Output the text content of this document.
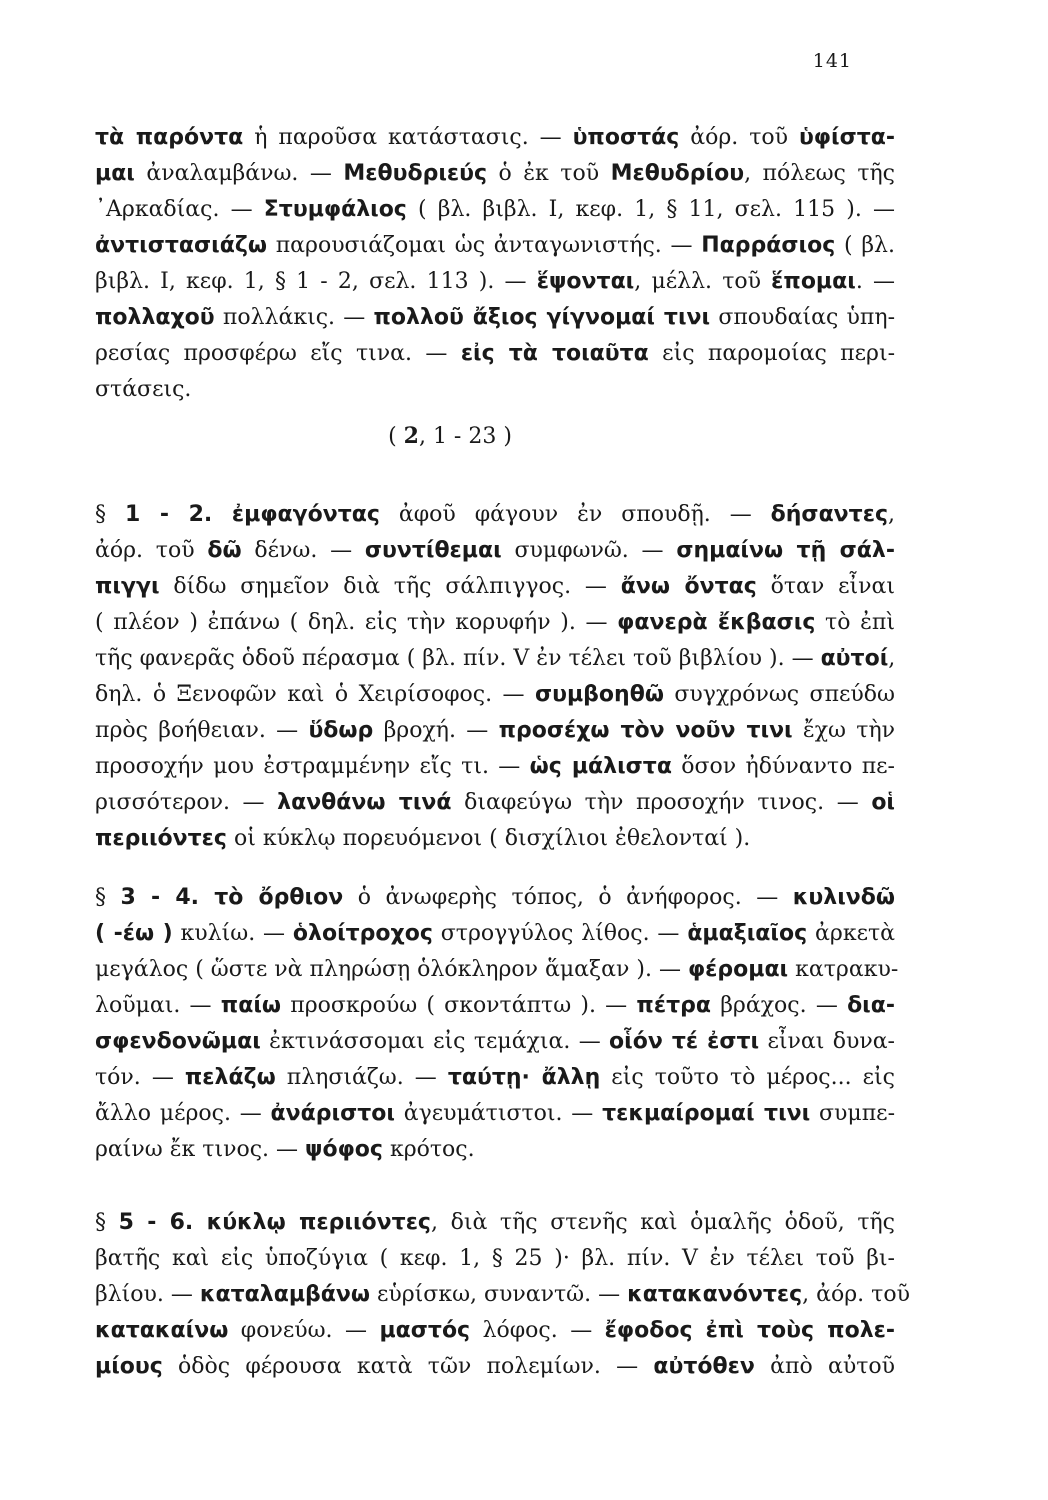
141
τὰ παρόντα ἡ παροῦσα κατάστασις. — ὑποστάς ἀόρ. τοῦ ὑφίστα-
μαι ἀναλαμβάνω. — Μεθυδριεύς ὁ ἐκ τοῦ Μεθυδρίου, πόλεως τῆς
᾿Αρκαδίας. — Στυμφάλιος ( βλ. βιβλ. I, κεφ. 1, § 11, σελ. 115 ). —
ἀντιστασιάζω παρουσιάζομαι ὡς ἀνταγωνιστής. — Παρράσιος ( βλ.
βιβλ. I, κεφ. 1, § 1 - 2, σελ. 113 ). — ἕψονται, μέλλ. τοῦ ἕπομαι. —
πολλαχοῦ πολλάκις. — πολλοῦ ἄξιος γίγνομαί τινι σπουδαίας ὑπη-
ρεσίας προσφέρω εἴς τινα. — εἰς τὰ τοιαῦτα εἰς παρομοίας περι-
στάσεις.
( 2, 1 - 23 )
§ 1 - 2. ἐμφαγόντας ἀφοῦ φάγουν ἐν σπουδῇ. — δήσαντες,
ἀόρ. τοῦ δῶ δένω. — συντίθεμαι συμφωνῶ. — σημαίνω τῇ σάλ-
πιγγι δίδω σημεῖον διὰ τῆς σάλπιγγος. — ἄνω ὄντας ὅταν εἶναι
( πλέον ) ἐπάνω ( δηλ. εἰς τὴν κορυφήν ). — φανερὰ ἔκβασις τὸ ἐπὶ
τῆς φανερᾶς ὁδοῦ πέρασμα ( βλ. πίν. V ἐν τέλει τοῦ βιβλίου ). — αὐτοί,
δηλ. ὁ Ξενοφῶν καὶ ὁ Χειρίσοφος. — συμβοηθῶ συγχρόνως σπεύδω
πρὸς βοήθειαν. — ὕδωρ βροχή. — προσέχω τὸν νοῦν τινι ἔχω τὴν
προσοχήν μου ἐστραμμένην εἴς τι. — ὡς μάλιστα ὅσον ἠδύναντο πε-
ρισσότερον. — λανθάνω τινά διαφεύγω τὴν προσοχήν τινος. — οἱ
περιιόντες οἱ κύκλῳ πορευόμενοι ( δισχίλιοι ἐθελονταί ).
§ 3 - 4. τὸ ὄρθιον ὁ ἀνωφερὴς τόπος, ὁ ἀνήφορος. — κυλινδῶ
( -έω ) κυλίω. — ὁλοίτροχος στρογγύλος λίθος. — ἁμαξιαῖος ἀρκετὰ
μεγάλος ( ὥστε νὰ πληρώσῃ ὁλόκληρον ἅμαξαν ). — φέρομαι κατρακυ-
λοῦμαι. — παίω προσκρούω ( σκοντάπτω ). — πέτρα βράχος. — δια-
σφενδονῶμαι ἐκτινάσσομαι εἰς τεμάχια. — οἷόν τέ ἐστι εἶναι δυνα-
τόν. — πελάζω πλησιάζω. — ταύτῃ· ἄλλῃ εἰς τοῦτο τὸ μέρος... εἰς
ἄλλο μέρος. — ἀνάριστοι ἀγευμάτιστοι. — τεκμαίρομαί τινι συμπε-
ραίνω ἔκ τινος. — ψόφος κρότος.
§ 5 - 6. κύκλῳ περιιόντες, διὰ τῆς στενῆς καὶ ὁμαλῆς ὁδοῦ, τῆς
βατῆς καὶ εἰς ὑποζύγια ( κεφ. 1, § 25 )· βλ. πίν. V ἐν τέλει τοῦ βι-
βλίου. — καταλαμβάνω εὑρίσκω, συναντῶ. — κατακανόντες, ἀόρ. τοῦ
κατακαίνω φονεύω. — μαστός λόφος. — ἔφοδος ἐπὶ τοὺς πολε-
μίους ὁδὸς φέρουσα κατὰ τῶν πολεμίων. — αὐτόθεν ἀπὸ αὐτοῦ
